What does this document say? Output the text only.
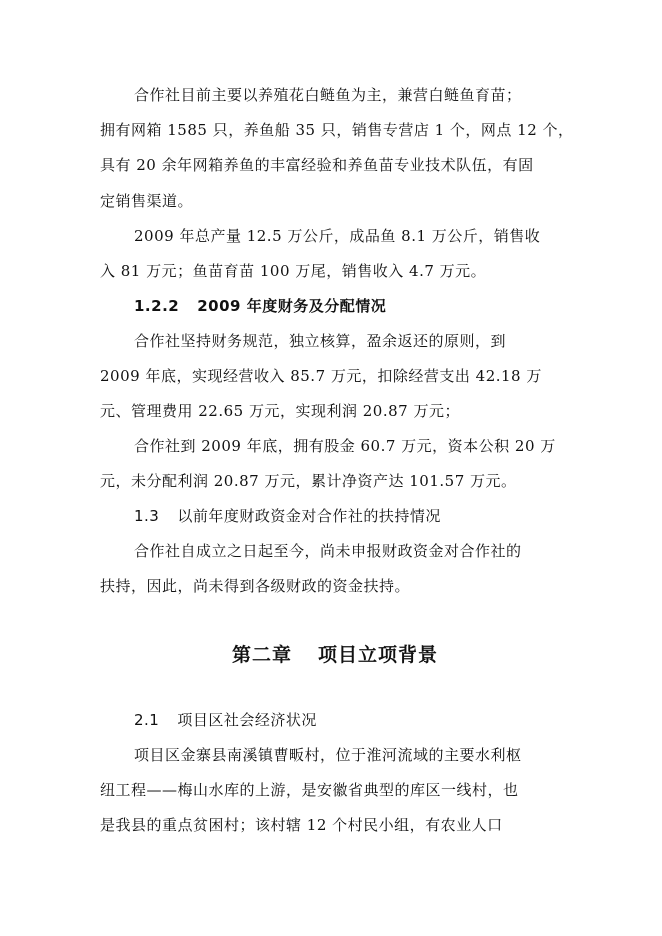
合作社目前主要以养殖花白鲢鱼为主，兼营白鲢鱼育苗；
拥有网箱 1585 只，养鱼船 35 只，销售专营店 1 个，网点 12 个，
具有 20 余年网箱养鱼的丰富经验和养鱼苗专业技术队伍，有固
定销售渠道。
2009 年总产量 12.5 万公斤，成品鱼 8.1 万公斤，销售收
入 81 万元；鱼苗育苗 100 万尾，销售收入 4.7 万元。
1.2.2 2009 年度财务及分配情况
合作社坚持财务规范，独立核算，盈余返还的原则，到
2009 年底，实现经营收入 85.7 万元，扣除经营支出 42.18 万
元、管理费用 22.65 万元，实现利润 20.87 万元；
合作社到 2009 年底，拥有股金 60.7 万元，资本公积 20 万
元，未分配利润 20.87 万元，累计净资产达 101.57 万元。
1.3 以前年度财政资金对合作社的扶持情况
合作社自成立之日起至今，尚未申报财政资金对合作社的
扶持，因此，尚未得到各级财政的资金扶持。
第二章 项目立项背景
2.1 项目区社会经济状况
项目区金寨县南溪镇曹畈村，位于淮河流域的主要水利枢
纽工程——梅山水库的上游，是安徽省典型的库区一线村，也
是我县的重点贫困村；该村辖 12 个村民小组，有农业人口
